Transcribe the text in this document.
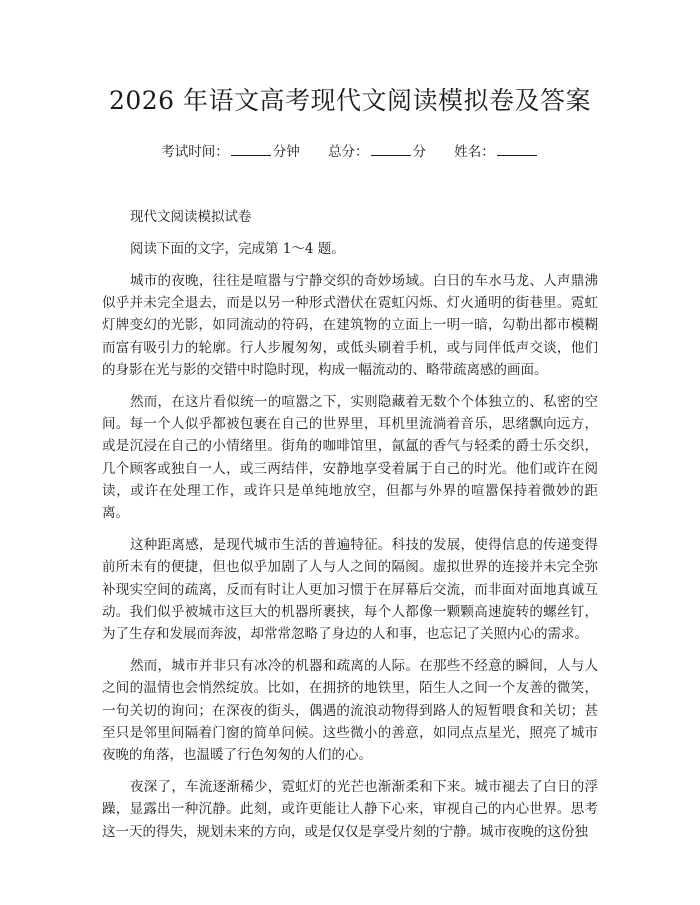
2026 年语文高考现代文阅读模拟卷及答案
考试时间：	分钟 总分：	分 姓名：

现代文阅读模拟试卷

阅读下面的文字，完成第 1～4 题。

城市的夜晚，往往是喧嚣与宁静交织的奇妙场域。白日的车水马龙、人声鼎沸似乎并未完全退去，而是以另一种形式潜伏在霓虹闪烁、灯火通明的街巷里。霓虹灯牌变幻的光影，如同流动的符码，在建筑物的立面上一明一暗，勾勒出都市模糊而富有吸引力的轮廓。行人步履匆匆，或低头刷着手机，或与同伴低声交谈，他们的身影在光与影的交错中时隐时现，构成一幅流动的、略带疏离感的画面。

然而，在这片看似统一的喧嚣之下，实则隐藏着无数个个体独立的、私密的空间。每一个人似乎都被包裹在自己的世界里，耳机里流淌着音乐，思绪飘向远方，或是沉浸在自己的小情绪里。街角的咖啡馆里，氤氲的香气与轻柔的爵士乐交织，几个顾客或独自一人，或三两结伴，安静地享受着属于自己的时光。他们或许在阅读，或许在处理工作，或许只是单纯地放空，但都与外界的喧嚣保持着微妙的距离。

这种距离感，是现代城市生活的普遍特征。科技的发展，使得信息的传递变得前所未有的便捷，但也似乎加剧了人与人之间的隔阂。虚拟世界的连接并未完全弥补现实空间的疏离，反而有时让人更加习惯于在屏幕后交流，而非面对面地真诚互动。我们似乎被城市这巨大的机器所裹挟，每个人都像一颗颗高速旋转的螺丝钉，为了生存和发展而奔波，却常常忽略了身边的人和事，也忘记了关照内心的需求。

然而，城市并非只有冰冷的机器和疏离的人际。在那些不经意的瞬间，人与人之间的温情也会悄然绽放。比如，在拥挤的地铁里，陌生人之间一个友善的微笑，一句关切的询问；在深夜的街头，偶遇的流浪动物得到路人的短暂喂食和关切；甚至只是邻里间隔着门窗的简单问候。这些微小的善意，如同点点星光，照亮了城市夜晚的角落，也温暖了行色匆匆的人们的心。

夜深了，车流逐渐稀少，霓虹灯的光芒也渐渐柔和下来。城市褪去了白日的浮躁，显露出一种沉静。此刻，或许更能让人静下心来，审视自己的内心世界。思考这一天的得失，规划未来的方向，或是仅仅是享受片刻的宁静。城市夜晚的这份独
